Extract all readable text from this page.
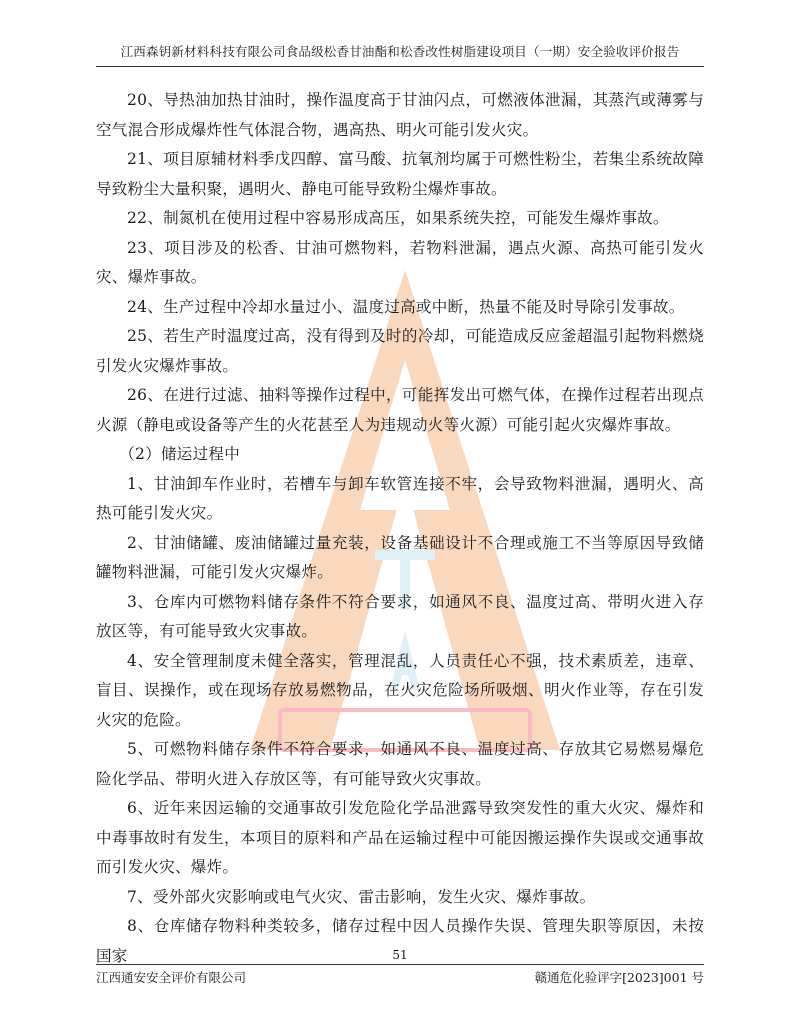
江西森钥新材料科技有限公司食品级松香甘油酯和松香改性树脂建设项目（一期）安全验收评价报告

20、导热油加热甘油时，操作温度高于甘油闪点，可燃液体泄漏，其蒸汽或薄雾与空气混合形成爆炸性气体混合物，遇高热、明火可能引发火灾。

21、项目原辅材料季戊四醇、富马酸、抗氧剂均属于可燃性粉尘，若集尘系统故障导致粉尘大量积聚，遇明火、静电可能导致粉尘爆炸事故。

22、制氮机在使用过程中容易形成高压，如果系统失控，可能发生爆炸事故。

23、项目涉及的松香、甘油可燃物料，若物料泄漏，遇点火源、高热可能引发火灾、爆炸事故。

24、生产过程中冷却水量过小、温度过高或中断，热量不能及时导除引发事故。

25、若生产时温度过高，没有得到及时的冷却，可能造成反应釜超温引起物料燃烧引发火灾爆炸事故。

26、在进行过滤、抽料等操作过程中，可能挥发出可燃气体，在操作过程若出现点火源（静电或设备等产生的火花甚至人为违规动火等火源）可能引起火灾爆炸事故。

（2）储运过程中

1、甘油卸车作业时，若槽车与卸车软管连接不牢，会导致物料泄漏，遇明火、高热可能引发火灾。

2、甘油储罐、废油储罐过量充装，设备基础设计不合理或施工不当等原因导致储罐物料泄漏，可能引发火灾爆炸。

3、仓库内可燃物料储存条件不符合要求，如通风不良、温度过高、带明火进入存放区等，有可能导致火灾事故。

4、安全管理制度未健全落实，管理混乱，人员责任心不强，技术素质差，违章、盲目、误操作，或在现场存放易燃物品，在火灾危险场所吸烟、明火作业等，存在引发火灾的危险。

5、可燃物料储存条件不符合要求，如通风不良、温度过高、存放其它易燃易爆危险化学品、带明火进入存放区等，有可能导致火灾事故。

6、近年来因运输的交通事故引发危险化学品泄露导致突发性的重大火灾、爆炸和中毒事故时有发生，本项目的原料和产品在运输过程中可能因搬运操作失误或交通事故而引发火灾、爆炸。

7、受外部火灾影响或电气火灾、雷击影响，发生火灾、爆炸事故。

8、仓库储存物料种类较多，储存过程中因人员操作失误、管理失职等原因，未按国家	51
江西通安安全评价有限公司	赣通危化验评字[2023]001 号
